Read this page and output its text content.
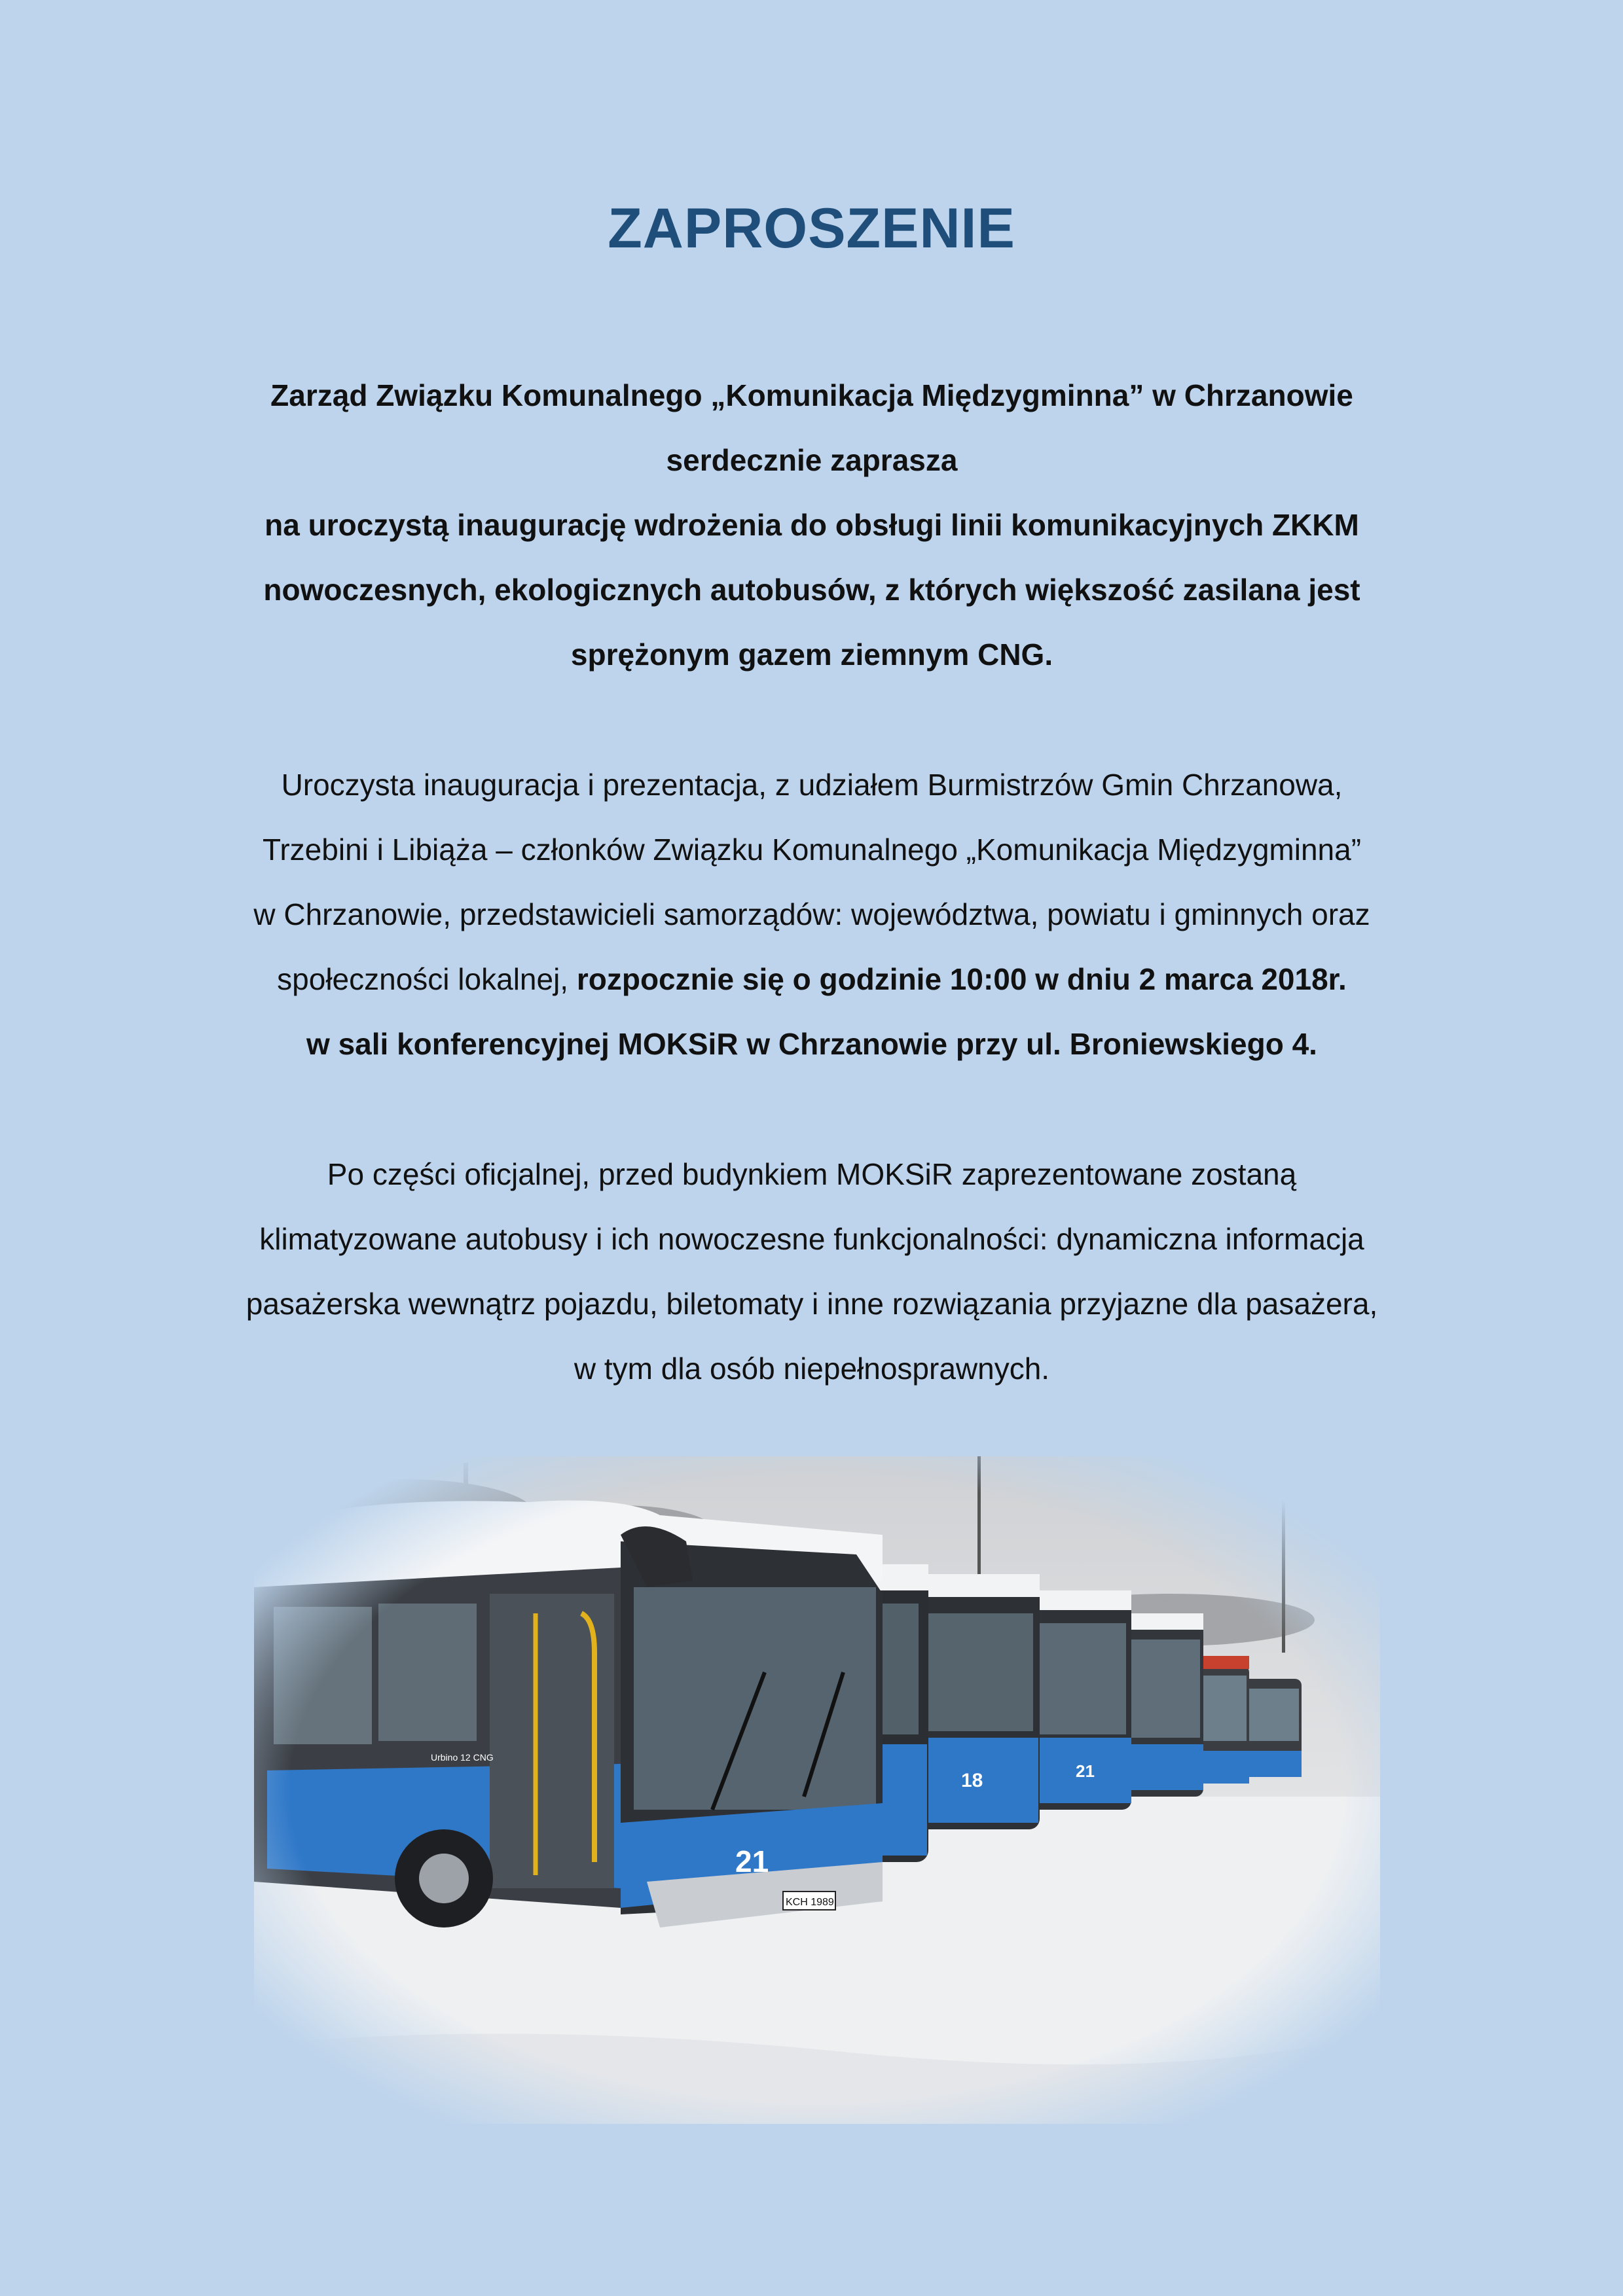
ZAPROSZENIE
Zarząd Związku Komunalnego „Komunikacja Międzygminna” w Chrzanowie
serdecznie zaprasza
na uroczystą inaugurację wdrożenia do obsługi linii komunikacyjnych ZKKM
nowoczesnych, ekologicznych autobusów, z których większość zasilana jest
sprężonym gazem ziemnym CNG.
Uroczysta inauguracja i prezentacja, z udziałem Burmistrzów Gmin Chrzanowa,
Trzebini i Libiąża – członków Związku Komunalnego „Komunikacja Międzygminna”
w Chrzanowie, przedstawicieli samorządów: województwa, powiatu i gminnych oraz
społeczności lokalnej, rozpocznie się o godzinie 10:00 w dniu 2 marca 2018r.
w sali konferencyjnej MOKSiR w Chrzanowie przy ul. Broniewskiego 4.
Po części oficjalnej, przed budynkiem MOKSiR zaprezentowane zostaną
klimatyzowane autobusy i ich nowoczesne funkcjonalności: dynamiczna informacja
pasażerska wewnątrz pojazdu, biletomaty i inne rozwiązania przyjazne dla pasażera,
w tym dla osób niepełnosprawnych.
